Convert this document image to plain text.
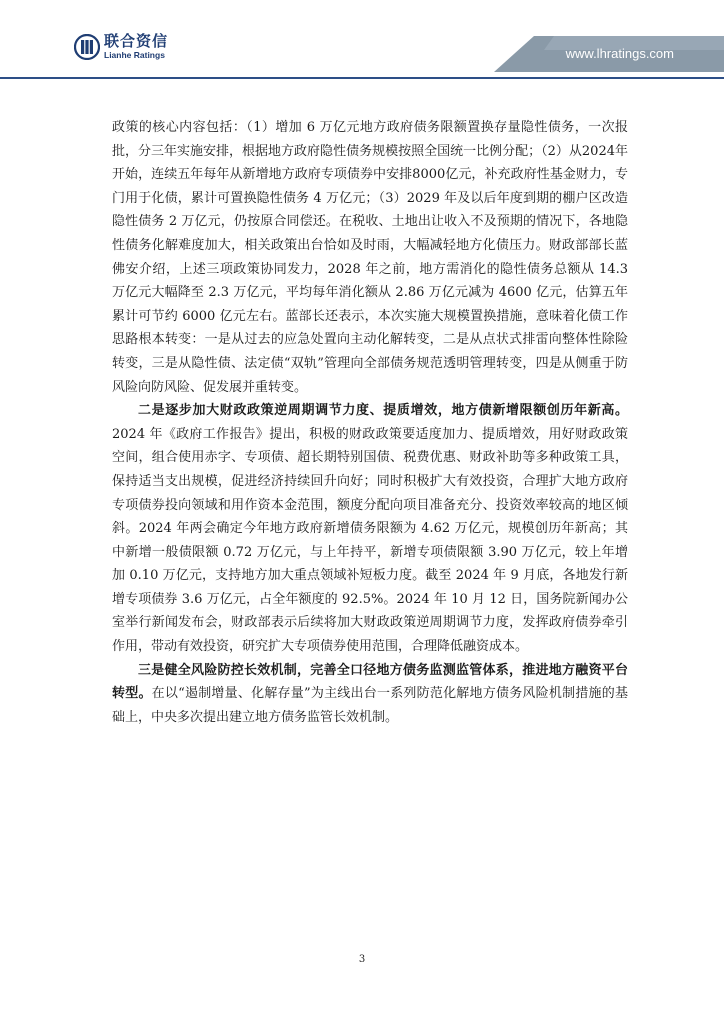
联合资信
Lianhe Ratings	www.lhratings.com

政策的核心内容包括：（1）增加 6 万亿元地方政府债务限额置换存量隐性债务，一次报批，分三年实施安排，根据地方政府隐性债务规模按照全国统一比例分配；（2）从2024年开始，连续五年每年从新增地方政府专项债券中安排8000亿元，补充政府性基金财力，专门用于化债，累计可置换隐性债务 4 万亿元；（3）2029 年及以后年度到期的棚户区改造隐性债务 2 万亿元，仍按原合同偿还。在税收、土地出让收入不及预期的情况下，各地隐性债务化解难度加大，相关政策出台恰如及时雨，大幅减轻地方化债压力。财政部部长蓝佛安介绍，上述三项政策协同发力，2028 年之前，地方需消化的隐性债务总额从 14.3 万亿元大幅降至 2.3 万亿元，平均每年消化额从 2.86 万亿元减为 4600 亿元，估算五年累计可节约 6000 亿元左右。蓝部长还表示，本次实施大规模置换措施，意味着化债工作思路根本转变：一是从过去的应急处置向主动化解转变，二是从点状式排雷向整体性除险转变，三是从隐性债、法定债“双轨”管理向全部债务规范透明管理转变，四是从侧重于防风险向防风险、促发展并重转变。

二是逐步加大财政政策逆周期调节力度、提质增效，地方债新增限额创历年新高。2024 年《政府工作报告》提出，积极的财政政策要适度加力、提质增效，用好财政政策空间，组合使用赤字、专项债、超长期特别国债、税费优惠、财政补助等多种政策工具，保持适当支出规模，促进经济持续回升向好；同时积极扩大有效投资，合理扩大地方政府专项债券投向领域和用作资本金范围，额度分配向项目准备充分、投资效率较高的地区倾斜。2024 年两会确定今年地方政府新增债务限额为 4.62 万亿元，规模创历年新高；其中新增一般债限额 0.72 万亿元，与上年持平，新增专项债限额 3.90 万亿元，较上年增加 0.10 万亿元，支持地方加大重点领域补短板力度。截至 2024 年 9 月底，各地发行新增专项债券 3.6 万亿元，占全年额度的 92.5%。2024 年 10 月 12 日，国务院新闻办公室举行新闻发布会，财政部表示后续将加大财政政策逆周期调节力度，发挥政府债券牵引作用，带动有效投资，研究扩大专项债券使用范围，合理降低融资成本。

三是健全风险防控长效机制，完善全口径地方债务监测监管体系，推进地方融资平台转型。在以“遏制增量、化解存量”为主线出台一系列防范化解地方债务风险机制措施的基础上，中央多次提出建立地方债务监管长效机制。

3
